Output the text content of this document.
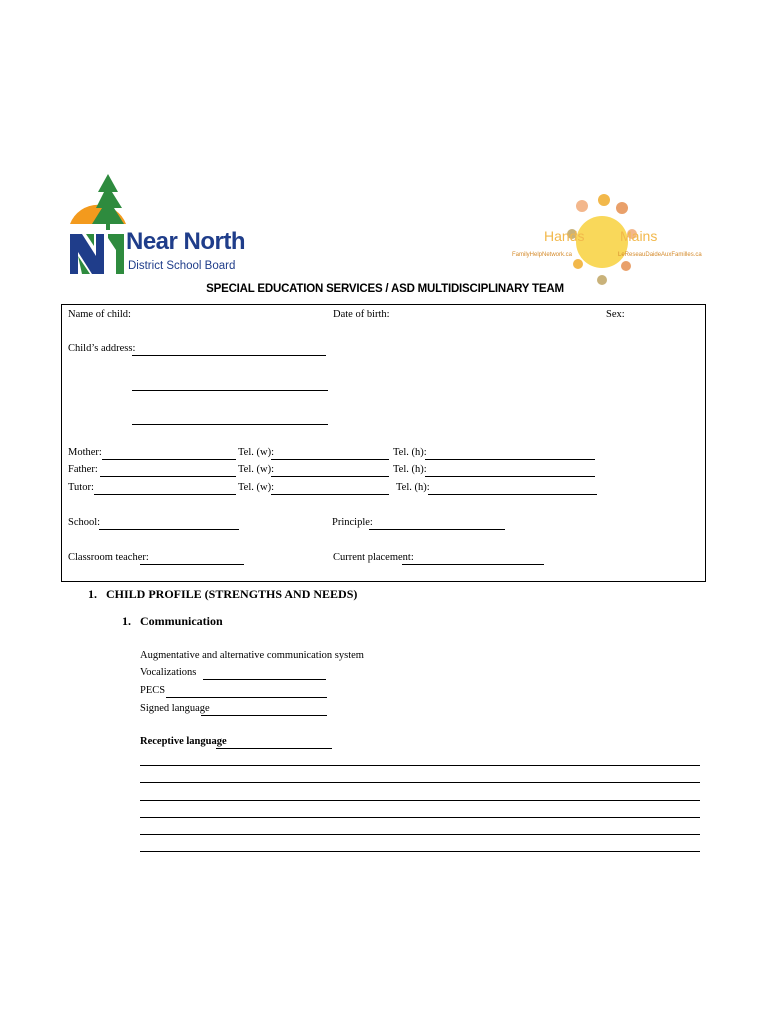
Near North
District School Board
Hands	Mains
FamilyHelpNetwork.ca	LeReseauDaideAuxFamilles.ca
SPECIAL EDUCATION SERVICES / ASD MULTIDISCIPLINARY TEAM
Name of child:	Date of birth:	Sex:
Child’s address:
Mother:	Tel. (w):	Tel. (h):
Father:	Tel. (w):	Tel. (h):
Tutor:	Tel. (w):	Tel. (h):
School:	Principle:
Classroom teacher:	Current placement:
1.   CHILD PROFILE (STRENGTHS AND NEEDS)
1.   Communication
Augmentative and alternative communication system
Vocalizations
PECS
Signed language
Receptive language
